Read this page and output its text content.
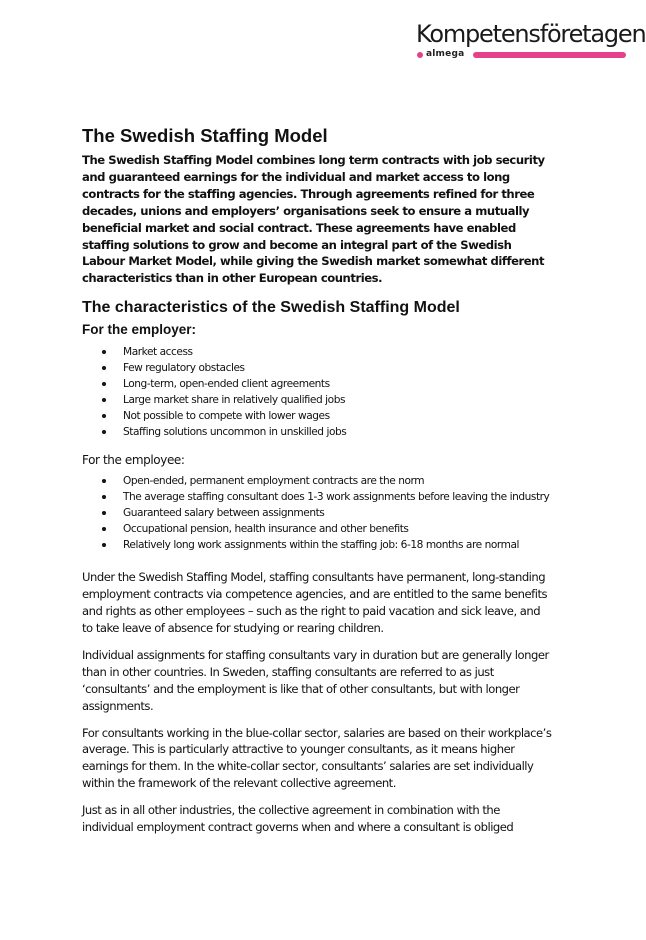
Kompetensföretagen
almega
The Swedish Staffing Model

The Swedish Staffing Model combines long term contracts with job security and guaranteed earnings for the individual and market access to long contracts for the staffing agencies. Through agreements refined for three decades, unions and employers’ organisations seek to ensure a mutually beneficial market and social contract. These agreements have enabled staffing solutions to grow and become an integral part of the Swedish Labour Market Model, while giving the Swedish market somewhat different characteristics than in other European countries.

The characteristics of the Swedish Staffing Model
For the employer:
Market access
Few regulatory obstacles
Long-term, open-ended client agreements
Large market share in relatively qualified jobs
Not possible to compete with lower wages
Staffing solutions uncommon in unskilled jobs
For the employee:
Open-ended, permanent employment contracts are the norm
The average staffing consultant does 1-3 work assignments before leaving the industry
Guaranteed salary between assignments
Occupational pension, health insurance and other benefits
Relatively long work assignments within the staffing job: 6-18 months are normal

Under the Swedish Staffing Model, staffing consultants have permanent, long-standing employment contracts via competence agencies, and are entitled to the same benefits and rights as other employees – such as the right to paid vacation and sick leave, and to take leave of absence for studying or rearing children.

Individual assignments for staffing consultants vary in duration but are generally longer than in other countries. In Sweden, staffing consultants are referred to as just ‘consultants’ and the employment is like that of other consultants, but with longer assignments.

For consultants working in the blue-collar sector, salaries are based on their workplace’s average. This is particularly attractive to younger consultants, as it means higher earnings for them. In the white-collar sector, consultants’ salaries are set individually within the framework of the relevant collective agreement.

Just as in all other industries, the collective agreement in combination with the individual employment contract governs when and where a consultant is obliged
